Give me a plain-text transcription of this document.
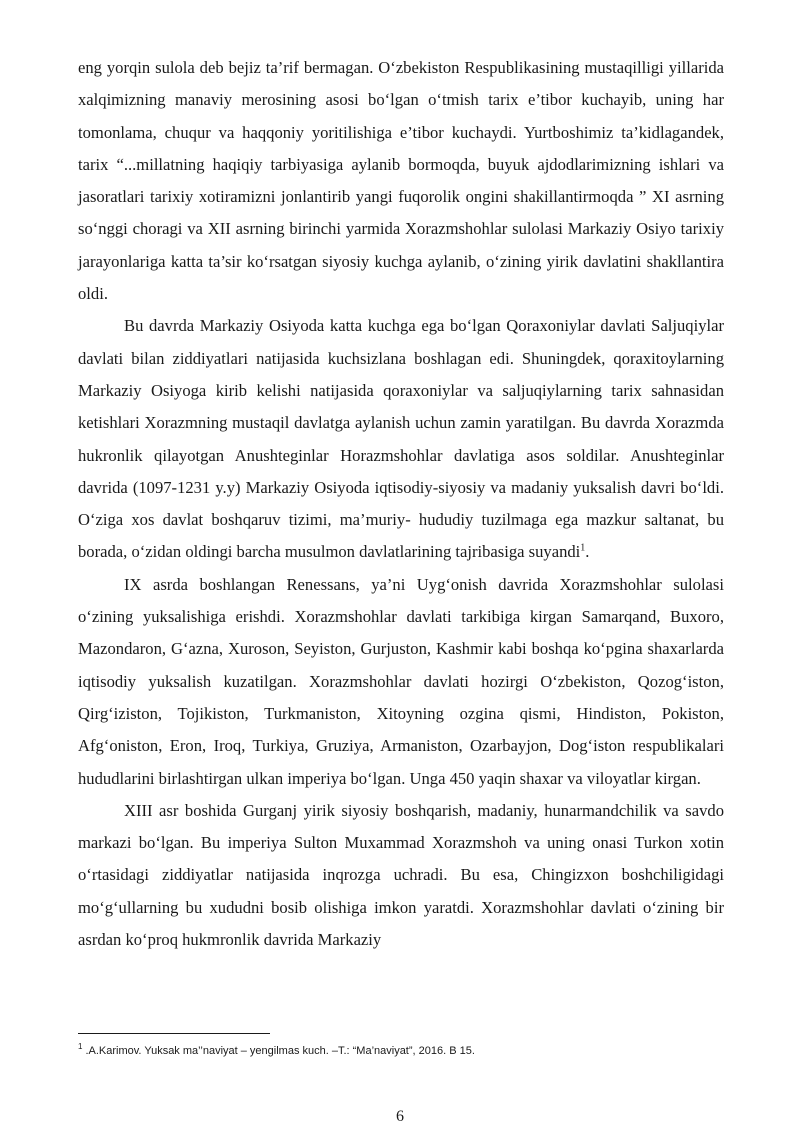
eng yorqin sulola deb bejiz ta’rif bermagan. O‘zbekiston Respublikasining mustaqilligi yillarida xalqimizning manaviy merosining asosi bo‘lgan o‘tmish tarix e’tibor kuchayib, uning har tomonlama, chuqur va haqqoniy yoritilishiga e’tibor kuchaydi. Yurtboshimiz ta’kidlagandek, tarix “...millatning haqiqiy tarbiyasiga aylanib bormoqda, buyuk ajdodlarimizning ishlari va jasoratlari tarixiy xotiramizni jonlantirib yangi fuqorolik ongini shakillantirmoqda ” XI asrning so‘nggi choragi va XII asrning birinchi yarmida Xorazmshohlar sulolasi Markaziy Osiyo tarixiy jarayonlariga katta ta’sir ko‘rsatgan siyosiy kuchga aylanib, o‘zining yirik davlatini shakllantira oldi.

Bu davrda Markaziy Osiyoda katta kuchga ega bo‘lgan Qoraxoniylar davlati Saljuqiylar davlati bilan ziddiyatlari natijasida kuchsizlana boshlagan edi. Shuningdek, qoraxitoylarning Markaziy Osiyoga kirib kelishi natijasida qoraxoniylar va saljuqiylarning tarix sahnasidan ketishlari Xorazmning mustaqil davlatga aylanish uchun zamin yaratilgan. Bu davrda Xorazmda hukronlik qilayotgan Anushteginlar Horazmshohlar davlatiga asos soldilar. Anushteginlar davrida (1097-1231 y.y) Markaziy Osiyoda iqtisodiy-siyosiy va madaniy yuksalish davri bo‘ldi. O‘ziga xos davlat boshqaruv tizimi, ma’muriy- hududiy tuzilmaga ega mazkur saltanat, bu borada, o‘zidan oldingi barcha musulmon davlatlarining tajribasiga suyandi$^1$.

IX asrda boshlangan Renessans, ya’ni Uyg‘onish davrida Xorazmshohlar sulolasi o‘zining yuksalishiga erishdi. Xorazmshohlar davlati tarkibiga kirgan Samarqand, Buxoro, Mazondaron, G‘azna, Xuroson, Seyiston, Gurjuston, Kashmir kabi boshqa ko‘pgina shaxarlarda iqtisodiy yuksalish kuzatilgan. Xorazmshohlar davlati hozirgi O‘zbekiston, Qozog‘iston, Qirg‘iziston, Tojikiston, Turkmaniston, Xitoyning ozgina qismi, Hindiston, Pokiston, Afg‘oniston, Eron, Iroq, Turkiya, Gruziya, Armaniston, Ozarbayjon, Dog‘iston respublikalari hududlarini birlashtirgan ulkan imperiya bo‘lgan. Unga 450 yaqin shaxar va viloyatlar kirgan.

XIII asr boshida Gurganj yirik siyosiy boshqarish, madaniy, hunarmandchilik va savdo markazi bo‘lgan. Bu imperiya Sulton Muxammad Xorazmshoh va uning onasi Turkon xotin o‘rtasidagi ziddiyatlar natijasida inqrozga uchradi. Bu esa, Chingizxon boshchiligidagi mo‘g‘ullarning bu xududni bosib olishiga imkon yaratdi. Xorazmshohlar davlati o‘zining bir asrdan ko‘proq hukmronlik davrida Markaziy

$^1$ .A.Karimov. Yuksak ma’’naviyat – yengilmas kuch. –T.: “Ma’naviyat”, 2016. B 15.
6
